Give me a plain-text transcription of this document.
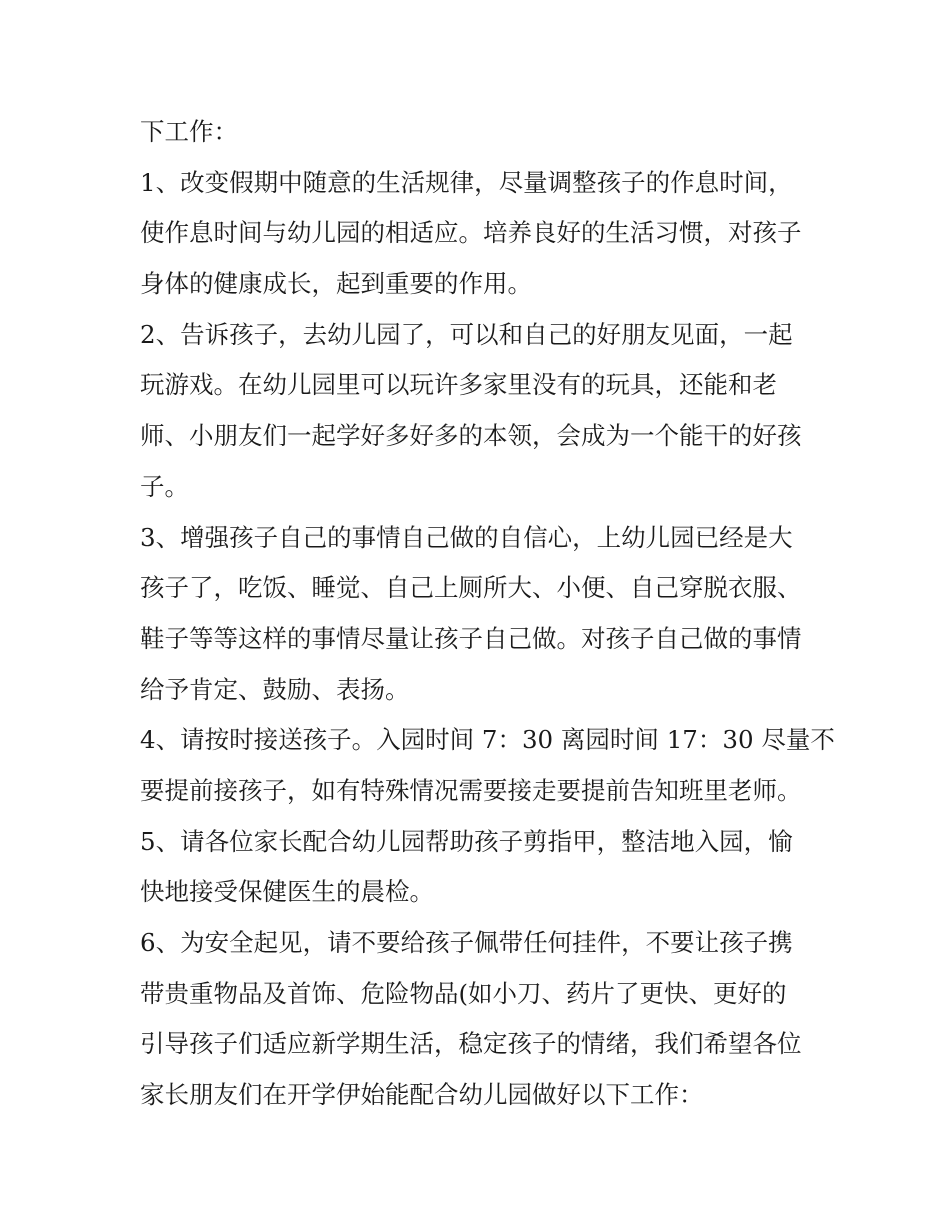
下工作：
1、改变假期中随意的生活规律，尽量调整孩子的作息时间，
使作息时间与幼儿园的相适应。培养良好的生活习惯，对孩子
身体的健康成长，起到重要的作用。
2、告诉孩子，去幼儿园了，可以和自己的好朋友见面，一起
玩游戏。在幼儿园里可以玩许多家里没有的玩具，还能和老
师、小朋友们一起学好多好多的本领，会成为一个能干的好孩
子。
3、增强孩子自己的事情自己做的自信心，上幼儿园已经是大
孩子了，吃饭、睡觉、自己上厕所大、小便、自己穿脱衣服、
鞋子等等这样的事情尽量让孩子自己做。对孩子自己做的事情
给予肯定、鼓励、表扬。
4、请按时接送孩子。入园时间 7：30 离园时间 17：30 尽量不
要提前接孩子，如有特殊情况需要接走要提前告知班里老师。
5、请各位家长配合幼儿园帮助孩子剪指甲，整洁地入园，愉
快地接受保健医生的晨检。
6、为安全起见，请不要给孩子佩带任何挂件，不要让孩子携
带贵重物品及首饰、危险物品(如小刀、药片了更快、更好的
引导孩子们适应新学期生活，稳定孩子的情绪，我们希望各位
家长朋友们在开学伊始能配合幼儿园做好以下工作：
